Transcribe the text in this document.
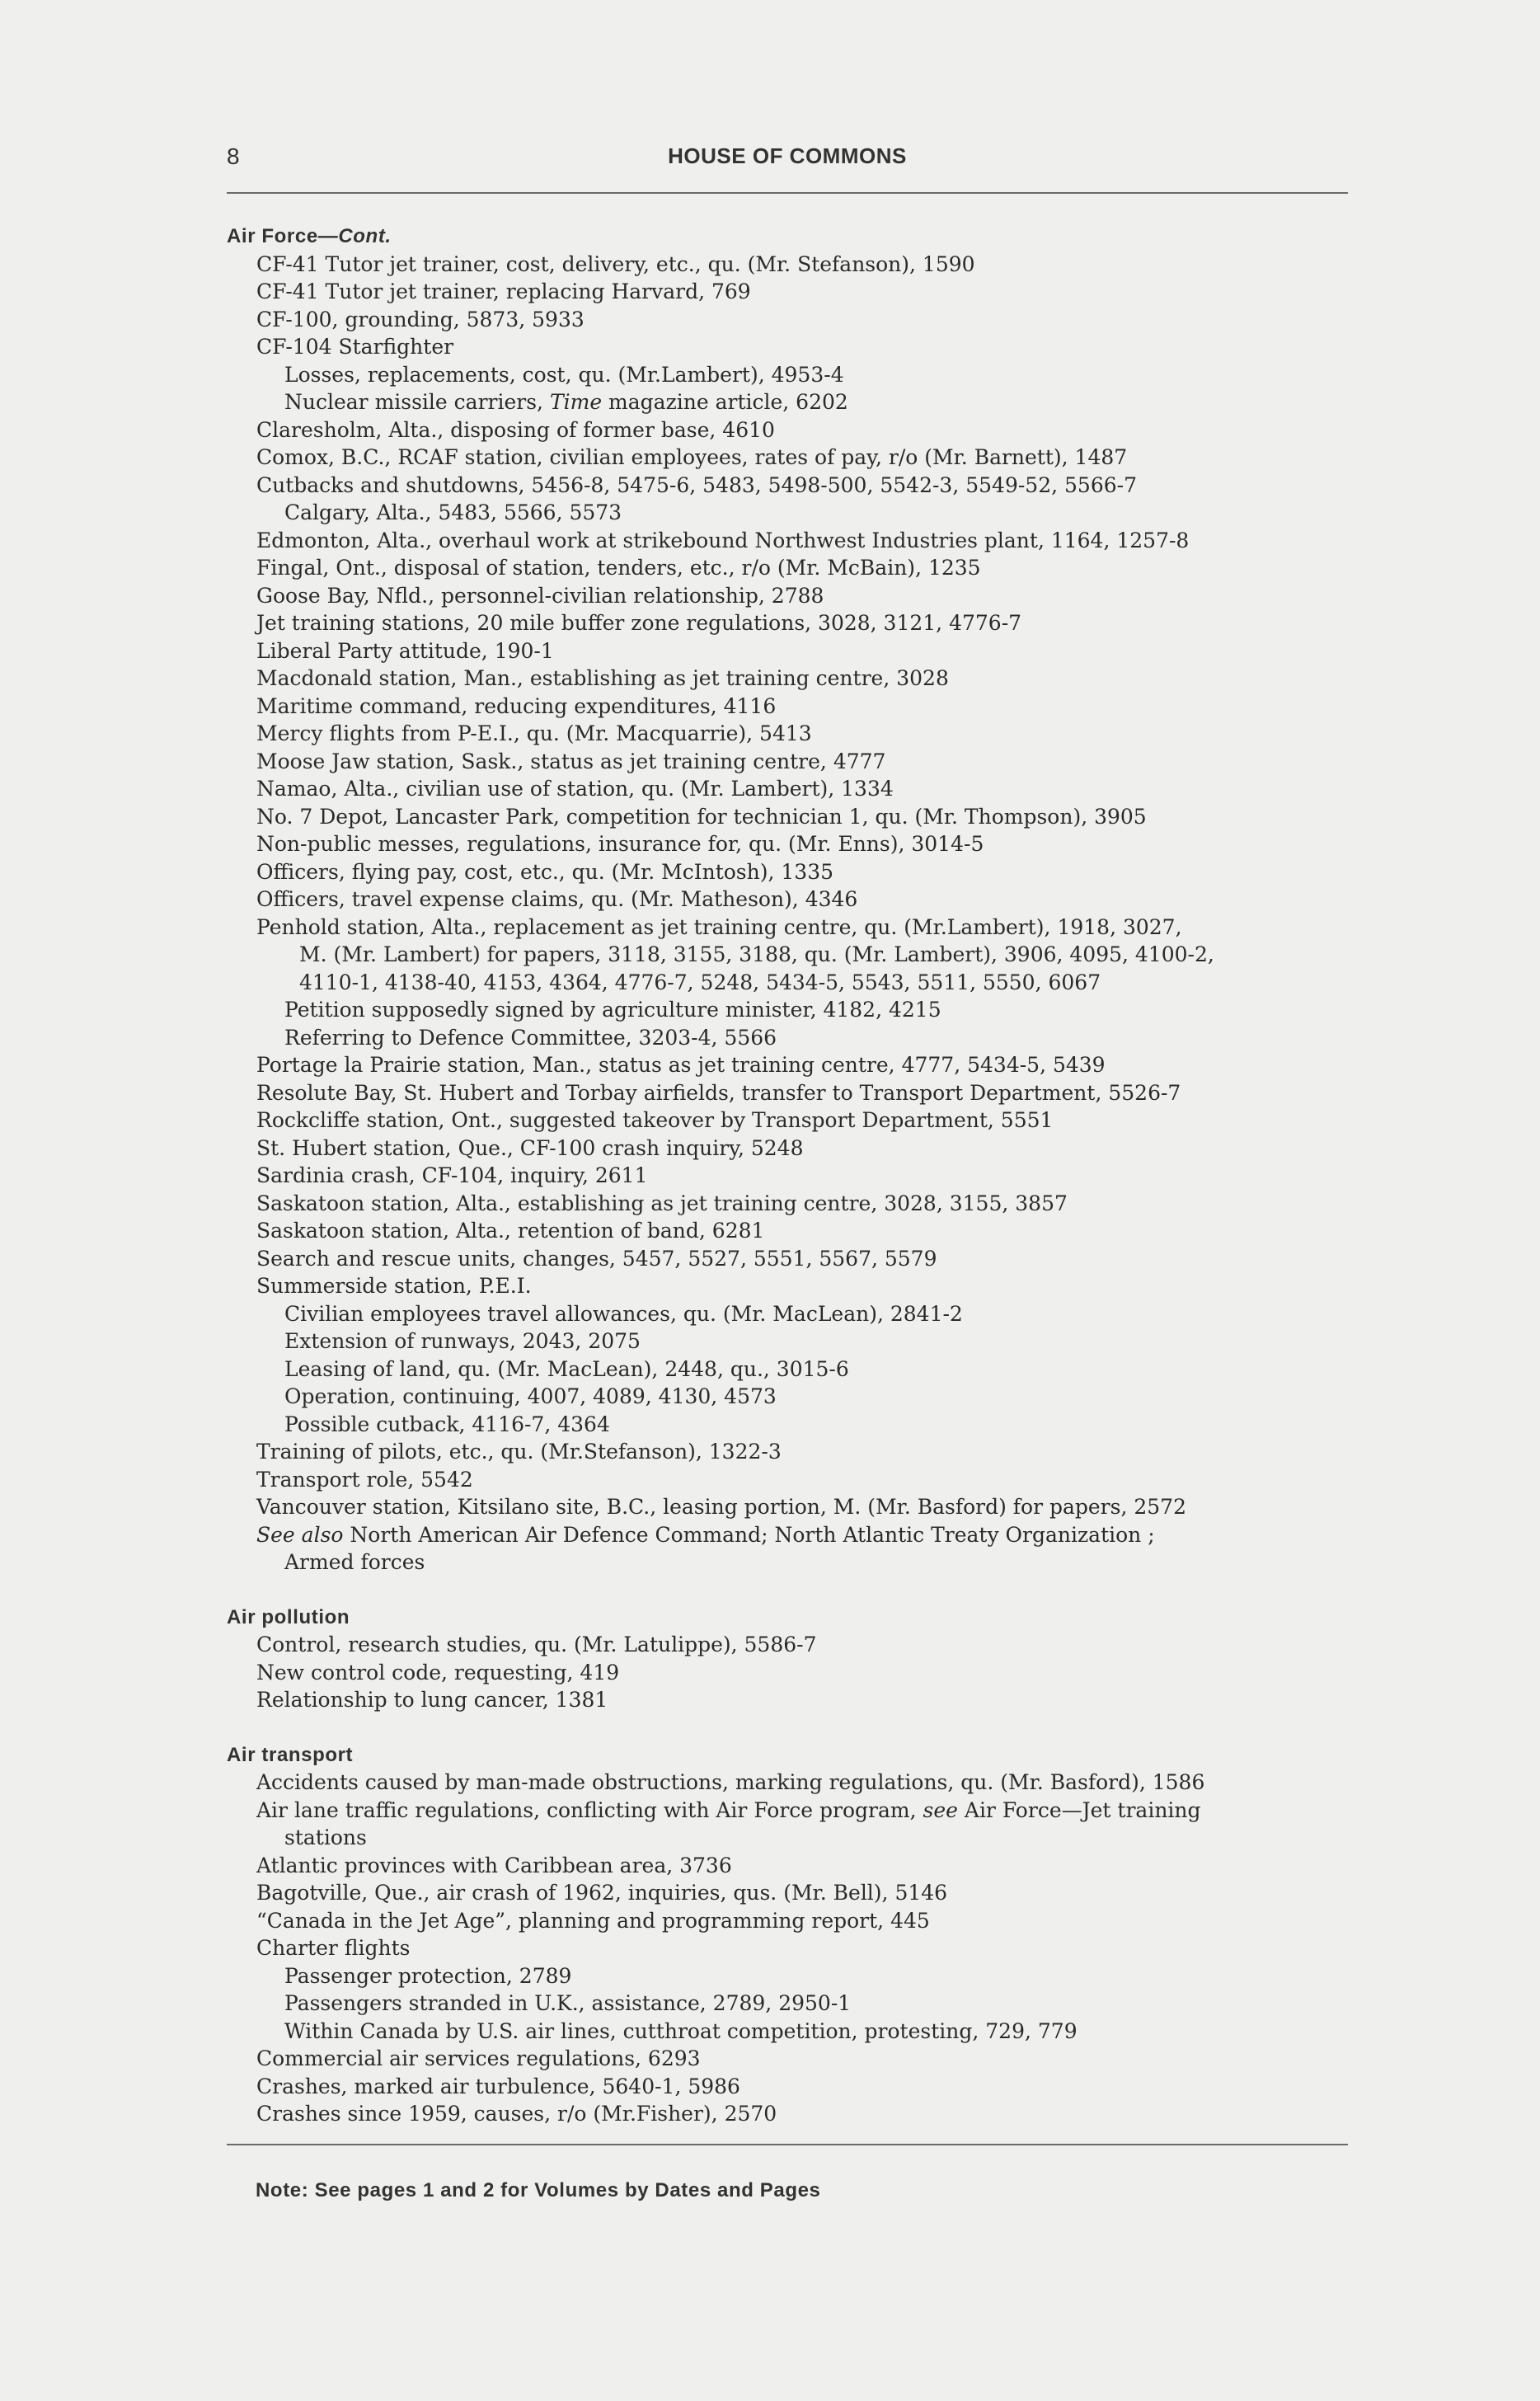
8	HOUSE OF COMMONS
Air Force—Cont.
CF-41 Tutor jet trainer, cost, delivery, etc., qu. (Mr. Stefanson), 1590
CF-41 Tutor jet trainer, replacing Harvard, 769
CF-100, grounding, 5873, 5933
CF-104 Starfighter
Losses, replacements, cost, qu. (Mr.Lambert), 4953-4
Nuclear missile carriers, Time magazine article, 6202
Claresholm, Alta., disposing of former base, 4610
Comox, B.C., RCAF station, civilian employees, rates of pay, r/o (Mr. Barnett), 1487
Cutbacks and shutdowns, 5456-8, 5475-6, 5483, 5498-500, 5542-3, 5549-52, 5566-7
Calgary, Alta., 5483, 5566, 5573
Edmonton, Alta., overhaul work at strikebound Northwest Industries plant, 1164, 1257-8
Fingal, Ont., disposal of station, tenders, etc., r/o (Mr. McBain), 1235
Goose Bay, Nfld., personnel-civilian relationship, 2788
Jet training stations, 20 mile buffer zone regulations, 3028, 3121, 4776-7
Liberal Party attitude, 190-1
Macdonald station, Man., establishing as jet training centre, 3028
Maritime command, reducing expenditures, 4116
Mercy flights from P-E.I., qu. (Mr. Macquarrie), 5413
Moose Jaw station, Sask., status as jet training centre, 4777
Namao, Alta., civilian use of station, qu. (Mr. Lambert), 1334
No. 7 Depot, Lancaster Park, competition for technician 1, qu. (Mr. Thompson), 3905
Non-public messes, regulations, insurance for, qu. (Mr. Enns), 3014-5
Officers, flying pay, cost, etc., qu. (Mr. McIntosh), 1335
Officers, travel expense claims, qu. (Mr. Matheson), 4346
Penhold station, Alta., replacement as jet training centre, qu. (Mr.Lambert), 1918, 3027,
M. (Mr. Lambert) for papers, 3118, 3155, 3188, qu. (Mr. Lambert), 3906, 4095, 4100-2,
4110-1, 4138-40, 4153, 4364, 4776-7, 5248, 5434-5, 5543, 5511, 5550, 6067
Petition supposedly signed by agriculture minister, 4182, 4215
Referring to Defence Committee, 3203-4, 5566
Portage la Prairie station, Man., status as jet training centre, 4777, 5434-5, 5439
Resolute Bay, St. Hubert and Torbay airfields, transfer to Transport Department, 5526-7
Rockcliffe station, Ont., suggested takeover by Transport Department, 5551
St. Hubert station, Que., CF-100 crash inquiry, 5248
Sardinia crash, CF-104, inquiry, 2611
Saskatoon station, Alta., establishing as jet training centre, 3028, 3155, 3857
Saskatoon station, Alta., retention of band, 6281
Search and rescue units, changes, 5457, 5527, 5551, 5567, 5579
Summerside station, P.E.I.
Civilian employees travel allowances, qu. (Mr. MacLean), 2841-2
Extension of runways, 2043, 2075
Leasing of land, qu. (Mr. MacLean), 2448, qu., 3015-6
Operation, continuing, 4007, 4089, 4130, 4573
Possible cutback, 4116-7, 4364
Training of pilots, etc., qu. (Mr.Stefanson), 1322-3
Transport role, 5542
Vancouver station, Kitsilano site, B.C., leasing portion, M. (Mr. Basford) for papers, 2572
See also North American Air Defence Command; North Atlantic Treaty Organization ;
Armed forces
Air pollution
Control, research studies, qu. (Mr. Latulippe), 5586-7
New control code, requesting, 419
Relationship to lung cancer, 1381
Air transport
Accidents caused by man-made obstructions, marking regulations, qu. (Mr. Basford), 1586
Air lane traffic regulations, conflicting with Air Force program, see Air Force—Jet training
stations
Atlantic provinces with Caribbean area, 3736
Bagotville, Que., air crash of 1962, inquiries, qus. (Mr. Bell), 5146
“Canada in the Jet Age”, planning and programming report, 445
Charter flights
Passenger protection, 2789
Passengers stranded in U.K., assistance, 2789, 2950-1
Within Canada by U.S. air lines, cutthroat competition, protesting, 729, 779
Commercial air services regulations, 6293
Crashes, marked air turbulence, 5640-1, 5986
Crashes since 1959, causes, r/o (Mr.Fisher), 2570
Note: See pages 1 and 2 for Volumes by Dates and Pages
